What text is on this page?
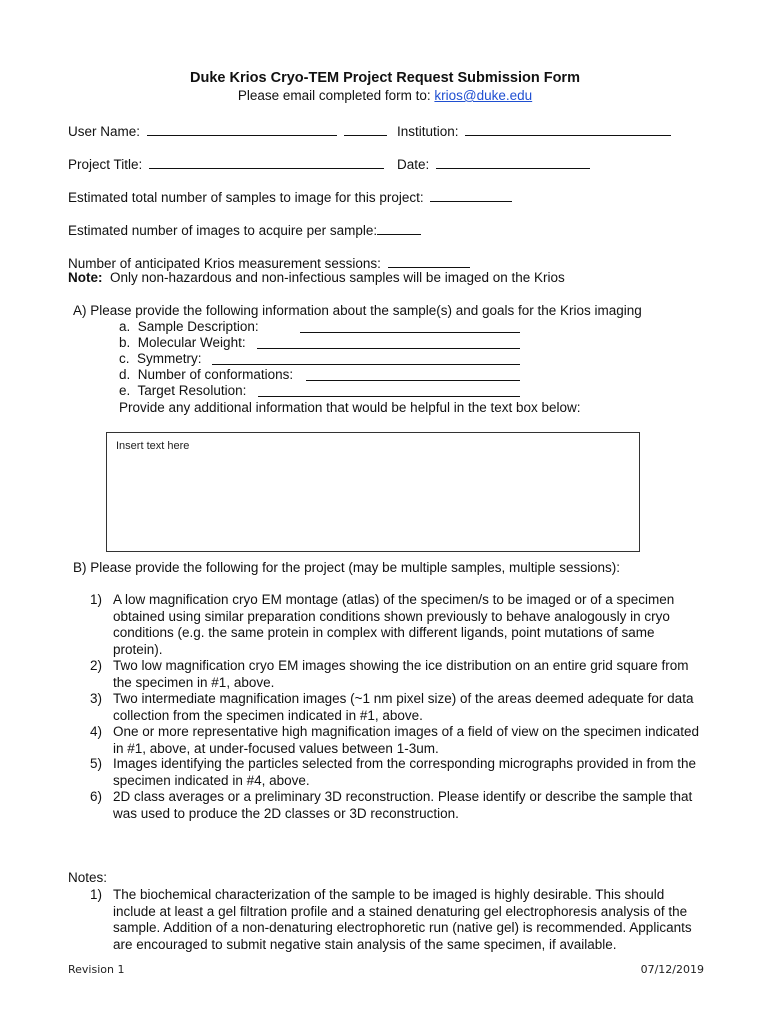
Duke Krios Cryo-TEM Project Request Submission Form
Please email completed form to: krios@duke.edu
User Name:	Institution:
Project Title:	Date:
Estimated total number of samples to image for this project:
Estimated number of images to acquire per sample:
Number of anticipated Krios measurement sessions:
Note: Only non-hazardous and non-infectious samples will be imaged on the Krios
A) Please provide the following information about the sample(s) and goals for the Krios imaging
a. Sample Description:
b. Molecular Weight:
c. Symmetry:
d. Number of conformations:
e. Target Resolution:
Provide any additional information that would be helpful in the text box below:
Insert text here
B) Please provide the following for the project (may be multiple samples, multiple sessions):
1) A low magnification cryo EM montage (atlas) of the specimen/s to be imaged or of a specimen obtained using similar preparation conditions shown previously to behave analogously in cryo conditions (e.g. the same protein in complex with different ligands, point mutations of same protein).
2) Two low magnification cryo EM images showing the ice distribution on an entire grid square from the specimen in #1, above.
3) Two intermediate magnification images (~1 nm pixel size) of the areas deemed adequate for data collection from the specimen indicated in #1, above.
4) One or more representative high magnification images of a field of view on the specimen indicated in #1, above, at under-focused values between 1-3um.
5) Images identifying the particles selected from the corresponding micrographs provided in from the specimen indicated in #4, above.
6) 2D class averages or a preliminary 3D reconstruction. Please identify or describe the sample that was used to produce the 2D classes or 3D reconstruction.
Notes:
1) The biochemical characterization of the sample to be imaged is highly desirable. This should include at least a gel filtration profile and a stained denaturing gel electrophoresis analysis of the sample. Addition of a non-denaturing electrophoretic run (native gel) is recommended. Applicants are encouraged to submit negative stain analysis of the same specimen, if available.
Revision 1	07/12/2019
